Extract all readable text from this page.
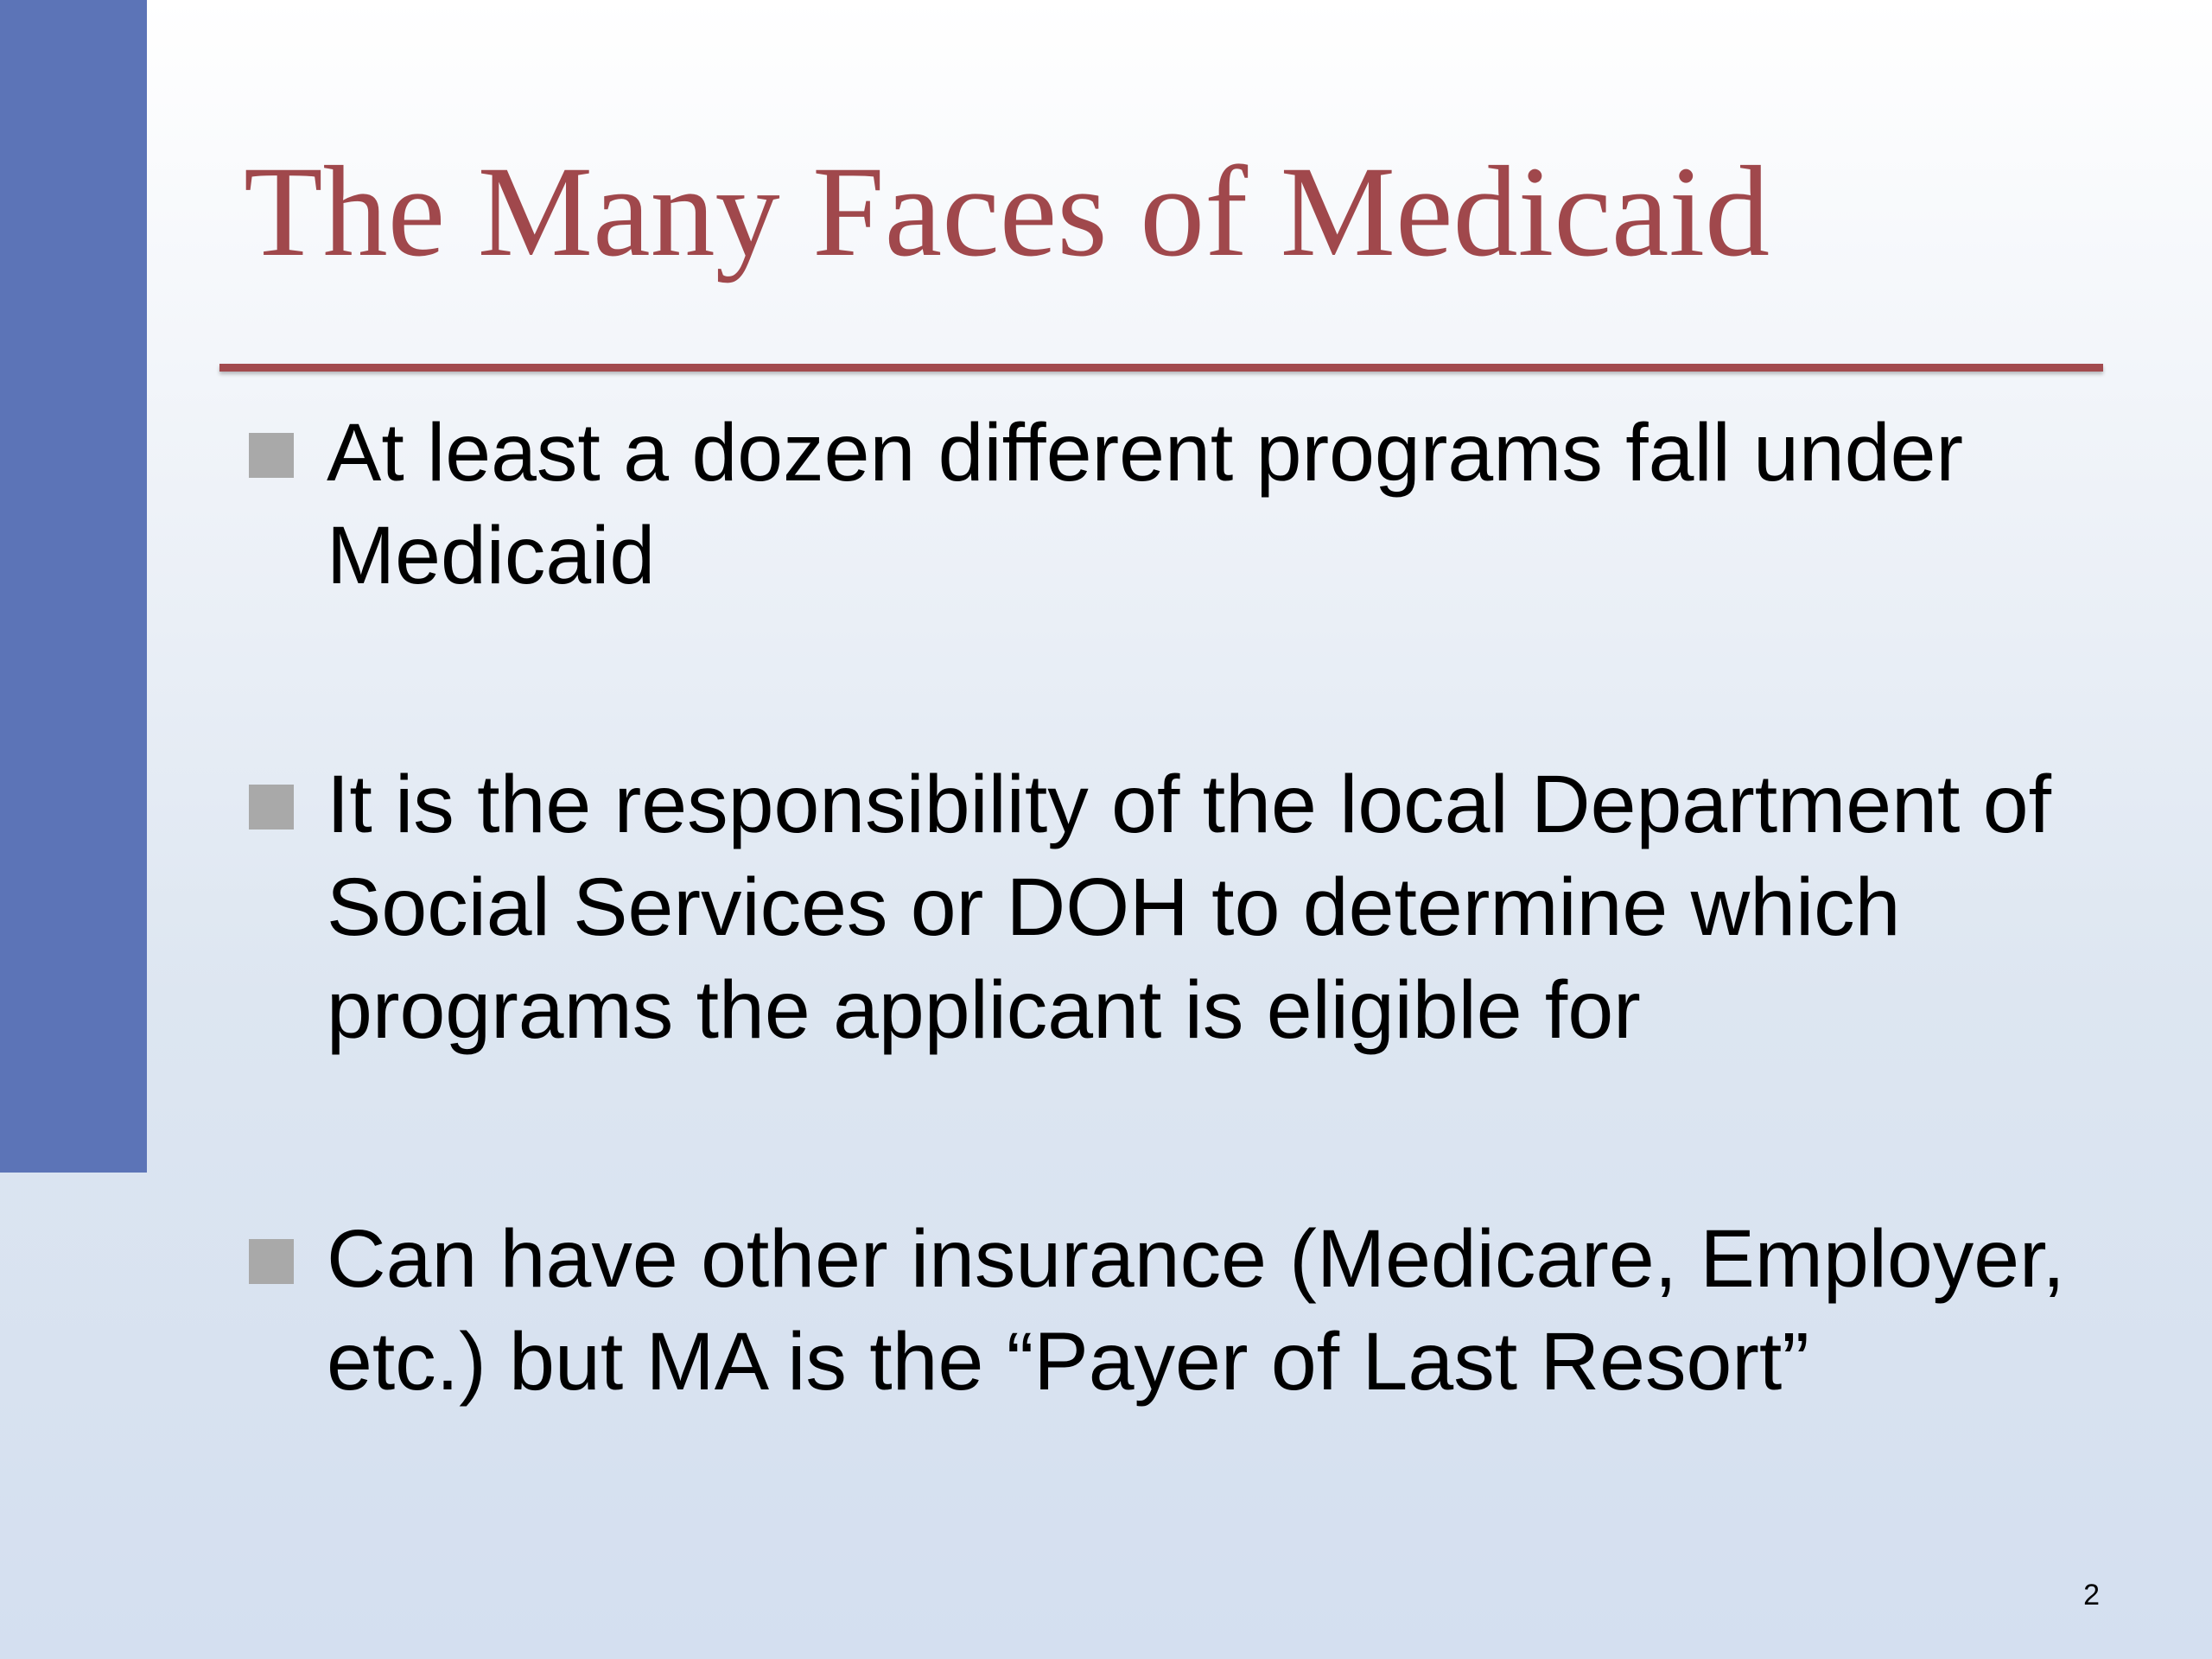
The Many Faces of Medicaid
At least a dozen different programs fall under Medicaid
It is the responsibility of the local Department of Social Services or DOH to determine which programs the applicant is eligible for
Can have other insurance (Medicare, Employer, etc.) but MA is the “Payer of Last Resort”
2
